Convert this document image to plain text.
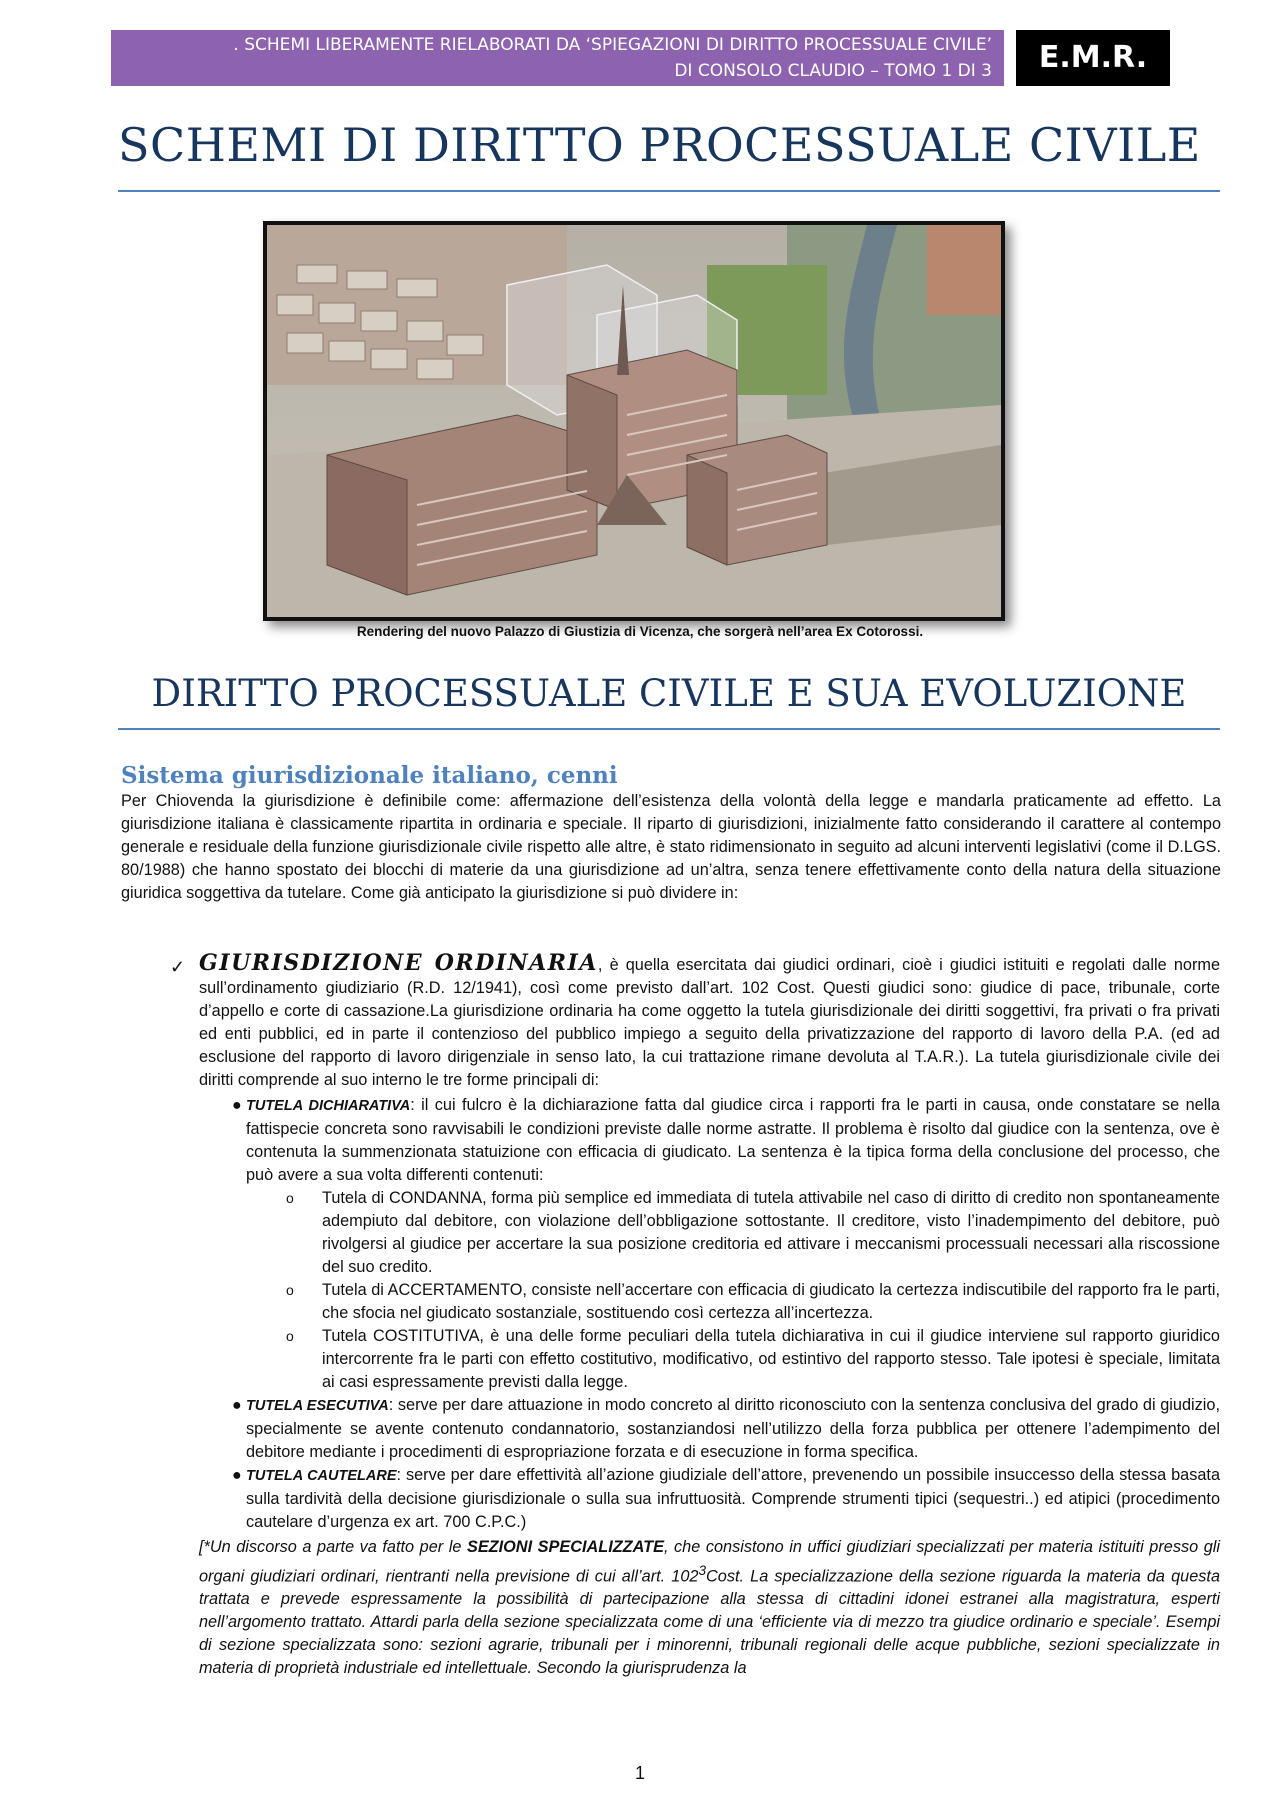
. SCHEMI LIBERAMENTE RIELABORATI DA ‘SPIEGAZIONI DI DIRITTO PROCESSUALE CIVILE’
DI CONSOLO CLAUDIO – TOMO 1 DI 3	E.M.R.
SCHEMI DI DIRITTO PROCESSUALE CIVILE
Rendering del nuovo Palazzo di Giustizia di Vicenza, che sorgerà nell’area Ex Cotorossi.
DIRITTO PROCESSUALE CIVILE E SUA EVOLUZIONE
Sistema giurisdizionale italiano, cenni

Per Chiovenda la giurisdizione è definibile come: affermazione dell’esistenza della volontà della legge e mandarla praticamente ad effetto. La giurisdizione italiana è classicamente ripartita in ordinaria e speciale. Il riparto di giurisdizioni, inizialmente fatto considerando il carattere al contempo generale e residuale della funzione giurisdizionale civile rispetto alle altre, è stato ridimensionato in seguito ad alcuni interventi legislativi (come il D.LGS. 80/1988) che hanno spostato dei blocchi di materie da una giurisdizione ad un’altra, senza tenere effettivamente conto della natura della situazione giuridica soggettiva da tutelare. Come già anticipato la giurisdizione si può dividere in:

✓ GIURISDIZIONE ORDINARIA, è quella esercitata dai giudici ordinari, cioè i giudici istituiti e regolati dalle norme sull’ordinamento giudiziario (R.D. 12/1941), così come previsto dall’art. 102 Cost. Questi giudici sono: giudice di pace, tribunale, corte d’appello e corte di cassazione.La giurisdizione ordinaria ha come oggetto la tutela giurisdizionale dei diritti soggettivi, fra privati o fra privati ed enti pubblici, ed in parte il contenzioso del pubblico impiego a seguito della privatizzazione del rapporto di lavoro della P.A. (ed ad esclusione del rapporto di lavoro dirigenziale in senso lato, la cui trattazione rimane devoluta al T.A.R.). La tutela giurisdizionale civile dei diritti comprende al suo interno le tre forme principali di:
● TUTELA DICHIARATIVA: il cui fulcro è la dichiarazione fatta dal giudice circa i rapporti fra le parti in causa, onde constatare se nella fattispecie concreta sono ravvisabili le condizioni previste dalle norme astratte. Il problema è risolto dal giudice con la sentenza, ove è contenuta la summenzionata statuizione con efficacia di giudicato. La sentenza è la tipica forma della conclusione del processo, che può avere a sua volta differenti contenuti:
o Tutela di CONDANNA, forma più semplice ed immediata di tutela attivabile nel caso di diritto di credito non spontaneamente adempiuto dal debitore, con violazione dell’obbligazione sottostante. Il creditore, visto l’inadempimento del debitore, può rivolgersi al giudice per accertare la sua posizione creditoria ed attivare i meccanismi processuali necessari alla riscossione del suo credito.
o Tutela di ACCERTAMENTO, consiste nell’accertare con efficacia di giudicato la certezza indiscutibile del rapporto fra le parti, che sfocia nel giudicato sostanziale, sostituendo così certezza all’incertezza.
o Tutela COSTITUTIVA, è una delle forme peculiari della tutela dichiarativa in cui il giudice interviene sul rapporto giuridico intercorrente fra le parti con effetto costitutivo, modificativo, od estintivo del rapporto stesso. Tale ipotesi è speciale, limitata ai casi espressamente previsti dalla legge.
● TUTELA ESECUTIVA: serve per dare attuazione in modo concreto al diritto riconosciuto con la sentenza conclusiva del grado di giudizio, specialmente se avente contenuto condannatorio, sostanziandosi nell’utilizzo della forza pubblica per ottenere l’adempimento del debitore mediante i procedimenti di espropriazione forzata e di esecuzione in forma specifica.
● TUTELA CAUTELARE: serve per dare effettività all’azione giudiziale dell’attore, prevenendo un possibile insuccesso della stessa basata sulla tardività della decisione giurisdizionale o sulla sua infruttuosità. Comprende strumenti tipici (sequestri..) ed atipici (procedimento cautelare d’urgenza ex art. 700 C.P.C.)

[*Un discorso a parte va fatto per le SEZIONI SPECIALIZZATE, che consistono in uffici giudiziari specializzati per materia istituiti presso gli organi giudiziari ordinari, rientranti nella previsione di cui all’art. $102^3Cost$. La specializzazione della sezione riguarda la materia da questa trattata e prevede espressamente la possibilità di partecipazione alla stessa di cittadini idonei estranei alla magistratura, esperti nell’argomento trattato. Attardi parla della sezione specializzata come di una ‘efficiente via di mezzo tra giudice ordinario e speciale’. Esempi di sezione specializzata sono: sezioni agrarie, tribunali per i minorenni, tribunali regionali delle acque pubbliche, sezioni specializzate in materia di proprietà industriale ed intellettuale. Secondo la giurisprudenza la

1
